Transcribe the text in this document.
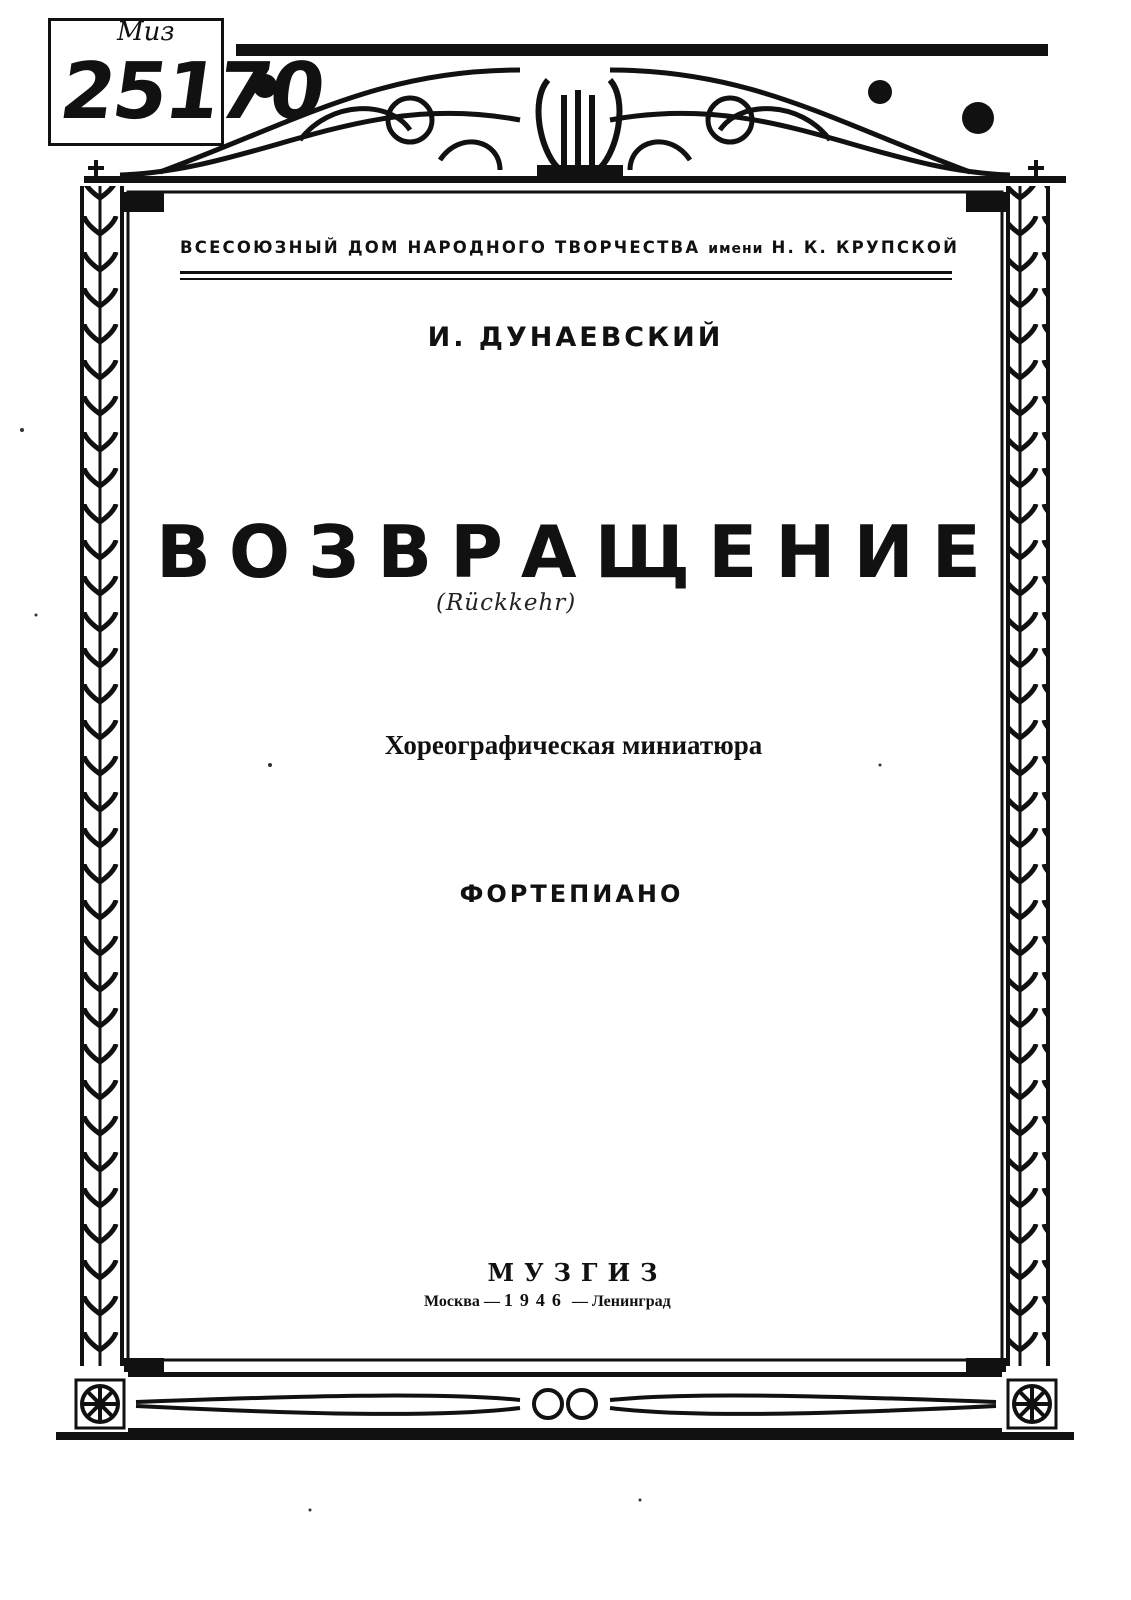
Мuз
25170
ВСЕСОЮЗНЫЙ ДОМ НАРОДНОГО ТВОРЧЕСТВА имени Н. К. КРУПСКОЙ
И. ДУНАЕВСКИЙ
ВОЗВРАЩЕНИЕ
(Rückkehr)
Хореографическая миниатюра
ФОРТЕПИАНО
МУЗГИЗ
Москва — 1946 — Ленинград
